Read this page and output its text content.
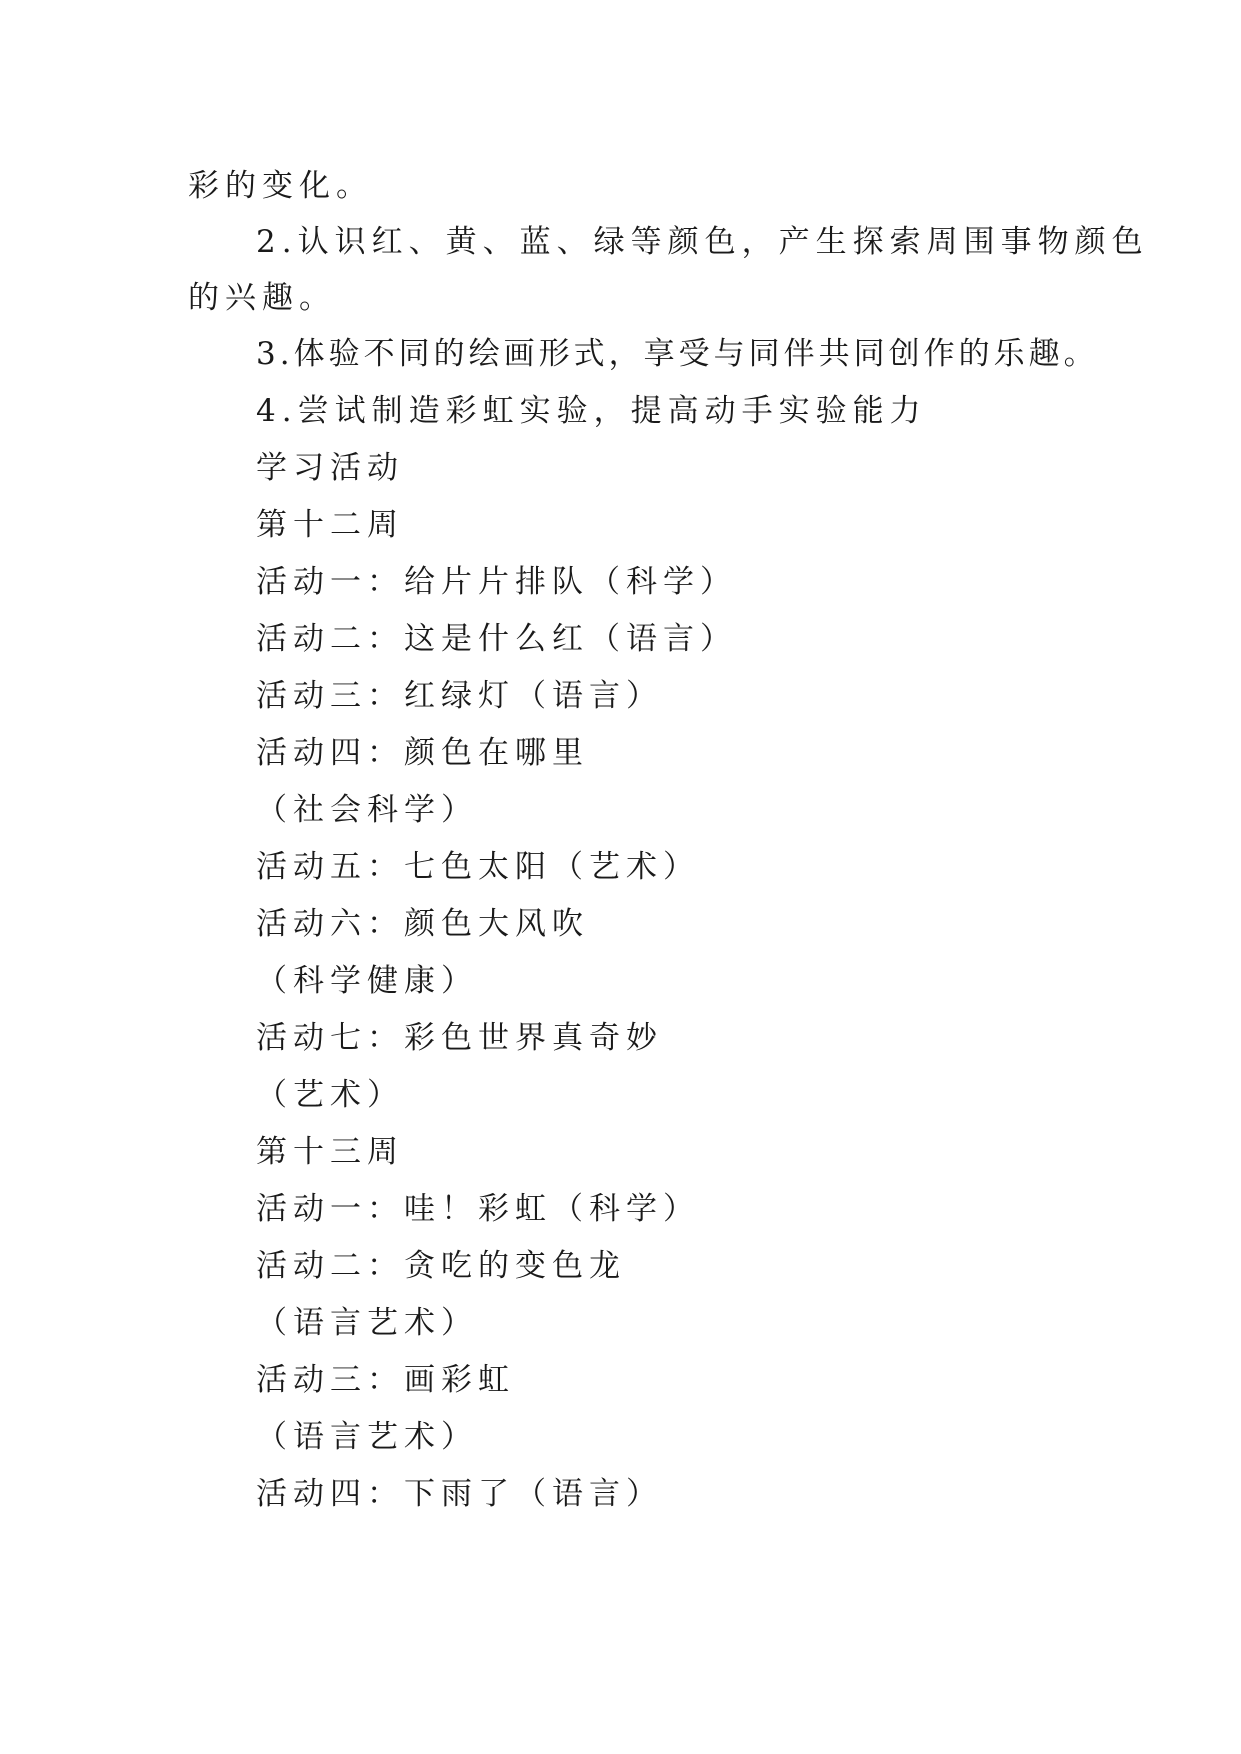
彩的变化。
2.认识红、黄、蓝、绿等颜色，产生探索周围事物颜色
的兴趣。
3.体验不同的绘画形式，享受与同伴共同创作的乐趣。
4.尝试制造彩虹实验，提高动手实验能力
学习活动
第十二周
活动一：给片片排队（科学）
活动二：这是什么红（语言）
活动三：红绿灯（语言）
活动四：颜色在哪里
（社会科学）
活动五：七色太阳（艺术）
活动六：颜色大风吹
（科学健康）
活动七：彩色世界真奇妙
（艺术）
第十三周
活动一：哇！彩虹（科学）
活动二：贪吃的变色龙
（语言艺术）
活动三：画彩虹
（语言艺术）
活动四：下雨了（语言）
